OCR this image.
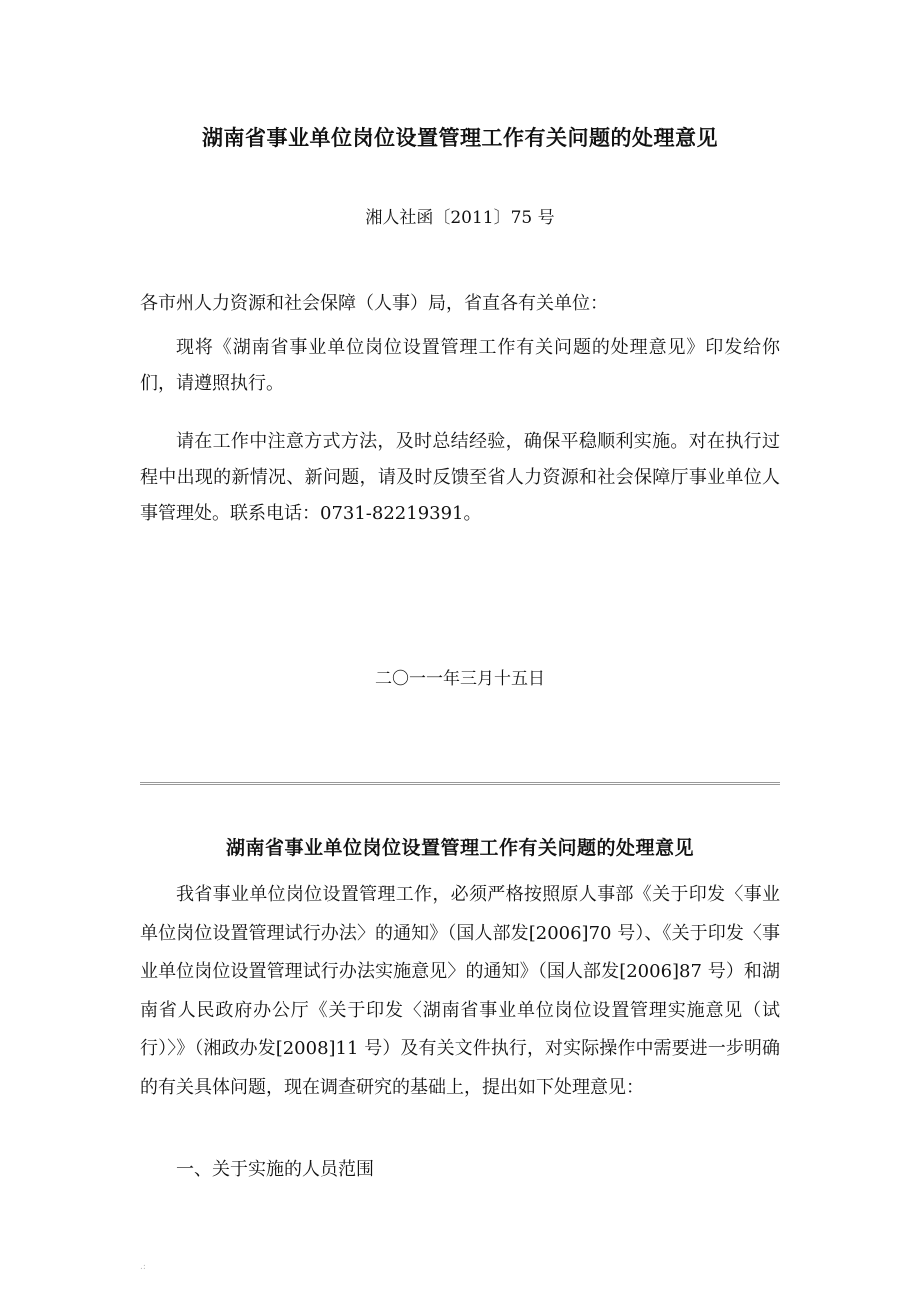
湖南省事业单位岗位设置管理工作有关问题的处理意见
湘人社函〔2011〕75 号

各市州人力资源和社会保障（人事）局，省直各有关单位：

现将《湖南省事业单位岗位设置管理工作有关问题的处理意见》印发给你们，请遵照执行。

请在工作中注意方式方法，及时总结经验，确保平稳顺利实施。对在执行过程中出现的新情况、新问题，请及时反馈至省人力资源和社会保障厅事业单位人事管理处。联系电话：0731-82219391。

二〇一一年三月十五日
湖南省事业单位岗位设置管理工作有关问题的处理意见

我省事业单位岗位设置管理工作，必须严格按照原人事部《关于印发〈事业单位岗位设置管理试行办法〉的通知》（国人部发[2006]70 号）、《关于印发〈事业单位岗位设置管理试行办法实施意见〉的通知》（国人部发[2006]87 号）和湖南省人民政府办公厅《关于印发〈湖南省事业单位岗位设置管理实施意见（试行）〉》（湘政办发[2008]11 号）及有关文件执行，对实际操作中需要进一步明确的有关具体问题，现在调查研究的基础上，提出如下处理意见：

一、关于实施的人员范围

.:
